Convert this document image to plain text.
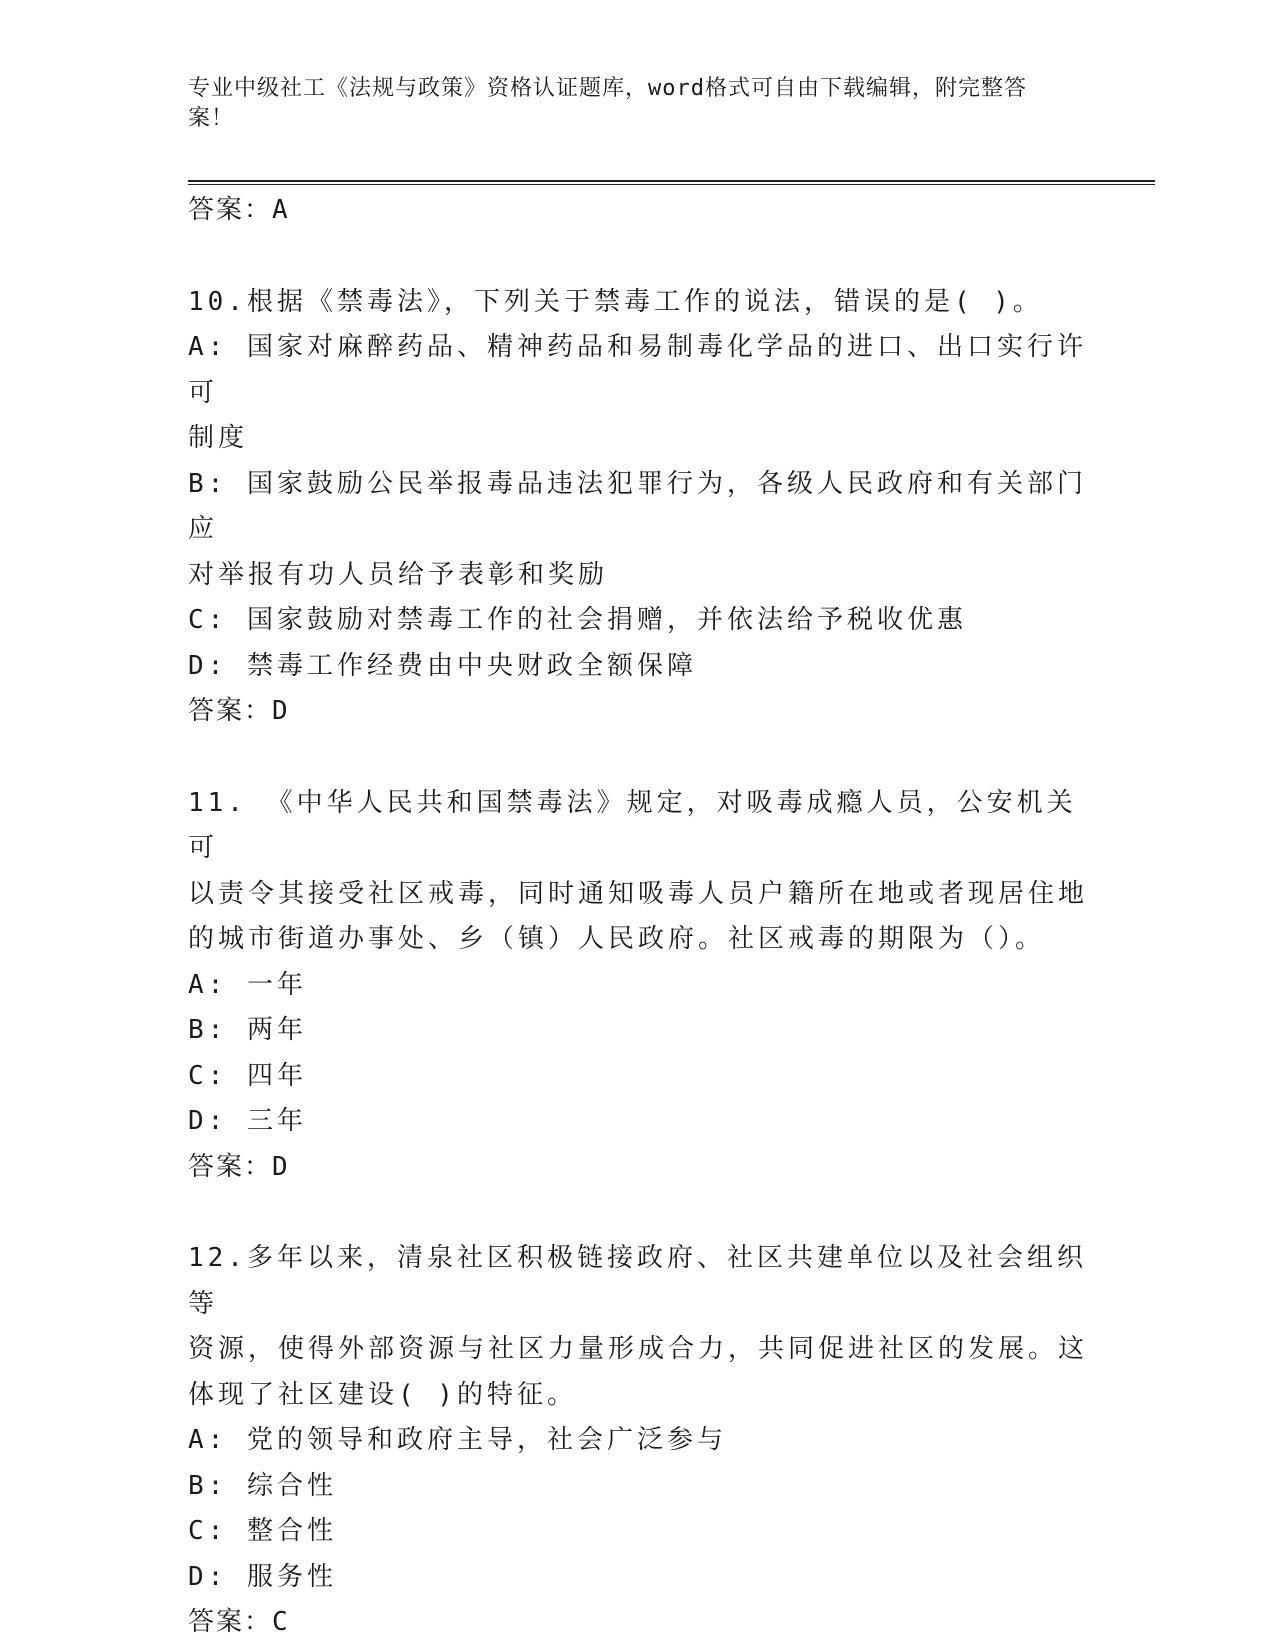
专业中级社工《法规与政策》资格认证题库，word格式可自由下载编辑，附完整答案！
答案：A
10.根据《禁毒法》，下列关于禁毒工作的说法，错误的是( )。
A: 国家对麻醉药品、精神药品和易制毒化学品的进口、出口实行许可
制度
B: 国家鼓励公民举报毒品违法犯罪行为，各级人民政府和有关部门应
对举报有功人员给予表彰和奖励
C: 国家鼓励对禁毒工作的社会捐赠，并依法给予税收优惠
D: 禁毒工作经费由中央财政全额保障
答案：D
11. 《中华人民共和国禁毒法》规定，对吸毒成瘾人员，公安机关可
以责令其接受社区戒毒，同时通知吸毒人员户籍所在地或者现居住地
的城市街道办事处、乡（镇）人民政府。社区戒毒的期限为（）。
A: 一年
B: 两年
C: 四年
D: 三年
答案：D
12.多年以来，清泉社区积极链接政府、社区共建单位以及社会组织等
资源，使得外部资源与社区力量形成合力，共同促进社区的发展。这
体现了社区建设( )的特征。
A: 党的领导和政府主导，社会广泛参与
B: 综合性
C: 整合性
D: 服务性
答案：C
